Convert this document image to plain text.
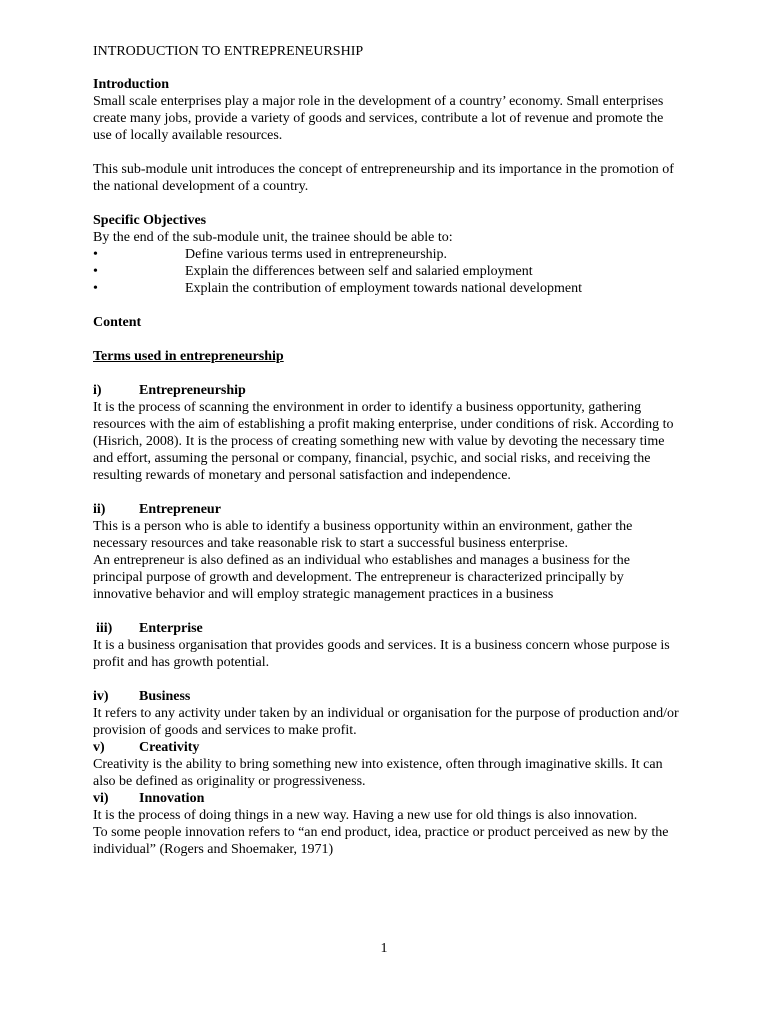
INTRODUCTION TO ENTREPRENEURSHIP

Introduction

Small scale enterprises play a major role in the development of a country’ economy. Small enterprises create many jobs, provide a variety of goods and services, contribute a lot of revenue and promote the use of locally available resources.

This sub-module unit introduces the concept of entrepreneurship and its importance in the promotion of the national development of a country.

Specific Objectives

By the end of the sub-module unit, the trainee should be able to:

•	Define various terms used in entrepreneurship.
•	Explain the differences between self and salaried employment
•	Explain the contribution of employment towards national development

Content

Terms used in entrepreneurship

i)	Entrepreneurship

It is the process of scanning the environment in order to identify a business opportunity, gathering resources with the aim of establishing a profit making enterprise, under conditions of risk. According to (Hisrich, 2008). It is the process of creating something new with value by devoting the necessary time and effort, assuming the personal or company, financial, psychic, and social risks, and receiving the resulting rewards of monetary and personal satisfaction and independence.

ii)	Entrepreneur

This is a person who is able to identify a business opportunity within an environment, gather the necessary resources and take reasonable risk to start a successful business enterprise.

An entrepreneur is also defined as an individual who establishes and manages a business for the principal purpose of growth and development. The entrepreneur is characterized principally by innovative behavior and will employ strategic management practices in a business

iii)	Enterprise

It is a business organisation that provides goods and services. It is a business concern whose purpose is profit and has growth potential.

iv)	Business

It refers to any activity under taken by an individual or organisation for the purpose of production and/or provision of goods and services to make profit.

v)	Creativity

Creativity is the ability to bring something new into existence, often through imaginative skills. It can also be defined as originality or progressiveness.

vi)	Innovation

It is the process of doing things in a new way. Having a new use for old things is also innovation.

To some people innovation refers to “an end product, idea, practice or product perceived as new by the individual” (Rogers and Shoemaker, 1971)

1
